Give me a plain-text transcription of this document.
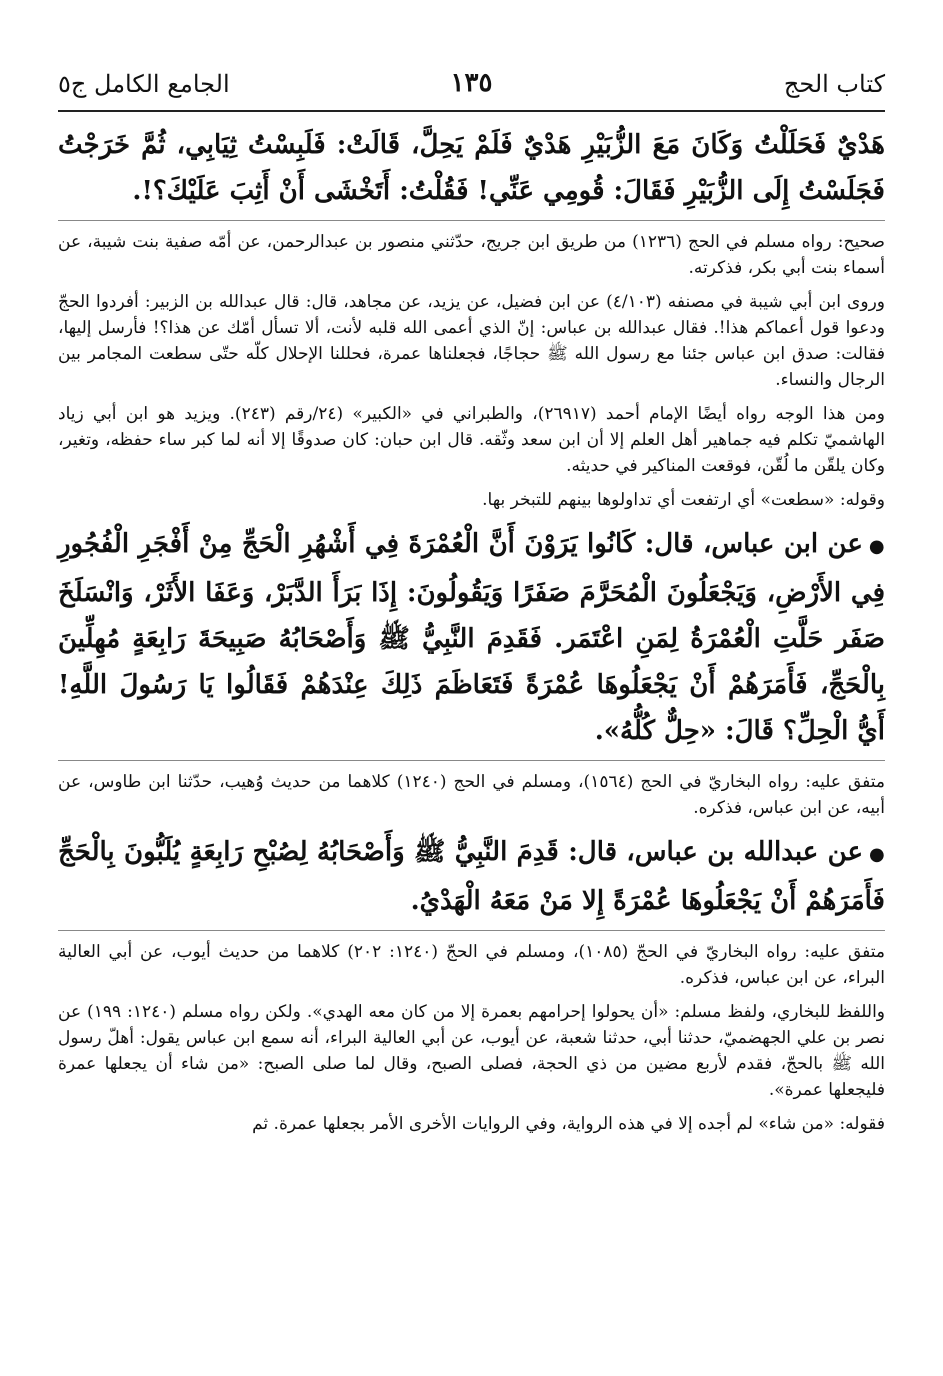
كتاب الحج
١٣٥
الجامع الكامل ج٥
هَدْيٌ فَحَلَلْتُ وَكَانَ مَعَ الزُّبَيْرِ هَدْيٌ فَلَمْ يَحِلَّ، قَالَتْ: فَلَبِسْتُ ثِيَابِي، ثُمَّ خَرَجْتُ فَجَلَسْتُ إِلَى الزُّبَيْرِ فَقَالَ: قُومِي عَنِّي! فَقُلْتُ: أَتَخْشَى أَنْ أَثِبَ عَلَيْكَ؟!.
صحيح: رواه مسلم في الحج (١٢٣٦) من طريق ابن جريج، حدّثني منصور بن عبدالرحمن، عن أمّه صفية بنت شيبة، عن أسماء بنت أبي بكر، فذكرته.
وروى ابن أبي شيبة في مصنفه (٤/١٠٣) عن ابن فضيل، عن يزيد، عن مجاهد، قال: قال عبدالله بن الزبير: أفردوا الحجّ ودعوا قول أعماكم هذا!. فقال عبدالله بن عباس: إنّ الذي أعمى الله قلبه لأنت، ألا تسأل أمّك عن هذا؟! فأرسل إليها، فقالت: صدق ابن عباس جئنا مع رسول الله ﷺ حجاجًا، فجعلناها عمرة، فحللنا الإحلال كلّه حتّى سطعت المجامر بين الرجال والنساء.
ومن هذا الوجه رواه أيضًا الإمام أحمد (٢٦٩١٧)، والطبراني في «الكبير» (٢٤/رقم (٢٤٣). ويزيد هو ابن أبي زياد الهاشميّ تكلم فيه جماهير أهل العلم إلا أن ابن سعد وثّقه. قال ابن حبان: كان صدوقًا إلا أنه لما كبر ساء حفظه، وتغير، وكان يلقّن ما لُقّن، فوقعت المناكير في حديثه.
وقوله: «سطعت» أي ارتفعت أي تداولوها بينهم للتبخر بها.
●عن ابن عباس، قال: كَانُوا يَرَوْنَ أَنَّ الْعُمْرَةَ فِي أَشْهُرِ الْحَجِّ مِنْ أَفْجَرِ الْفُجُورِ فِي الأَرْضِ، وَيَجْعَلُونَ الْمُحَرَّمَ صَفَرًا وَيَقُولُونَ: إِذَا بَرَأَ الدَّبَرْ، وَعَفَا الأَثَرْ، وَانْسَلَخَ صَفَر حَلَّتِ الْعُمْرَةُ لِمَنِ اعْتَمَر. فَقَدِمَ النَّبِيُّ ﷺ وَأَصْحَابُهُ صَبِيحَةَ رَابِعَةٍ مُهِلِّينَ بِالْحَجِّ، فَأَمَرَهُمْ أَنْ يَجْعَلُوهَا عُمْرَةً فَتَعَاظَمَ ذَلِكَ عِنْدَهُمْ فَقَالُوا يَا رَسُولَ اللَّهِ! أَيُّ الْحِلِّ؟ قَالَ: «حِلٌّ كُلُّهُ».
متفق عليه: رواه البخاريّ في الحج (١٥٦٤)، ومسلم في الحج (١٢٤٠) كلاهما من حديث وُهيب، حدّثنا ابن طاوس، عن أبيه، عن ابن عباس، فذكره.
●عن عبدالله بن عباس، قال: قَدِمَ النَّبِيُّ ﷺ وَأَصْحَابُهُ لِصُبْحِ رَابِعَةٍ يُلَبُّونَ بِالْحَجِّ فَأَمَرَهُمْ أَنْ يَجْعَلُوهَا عُمْرَةً إِلا مَنْ مَعَهُ الْهَدْيُ.
متفق عليه: رواه البخاريّ في الحجّ (١٠٨٥)، ومسلم في الحجّ (١٢٤٠: ٢٠٢) كلاهما من حديث أيوب، عن أبي العالية البراء، عن ابن عباس، فذكره.
واللفظ للبخاري، ولفظ مسلم: «أن يحولوا إحرامهم بعمرة إلا من كان معه الهدي». ولكن رواه مسلم (١٢٤٠: ١٩٩) عن نصر بن علي الجهضميّ، حدثنا أبي، حدثنا شعبة، عن أيوب، عن أبي العالية البراء، أنه سمع ابن عباس يقول: أهلّ رسول الله ﷺ بالحجّ، فقدم لأربع مضين من ذي الحجة، فصلى الصبح، وقال لما صلى الصبح: «من شاء أن يجعلها عمرة فليجعلها عمرة».
فقوله: «من شاء» لم أجده إلا في هذه الرواية، وفي الروايات الأخرى الأمر بجعلها عمرة. ثم
